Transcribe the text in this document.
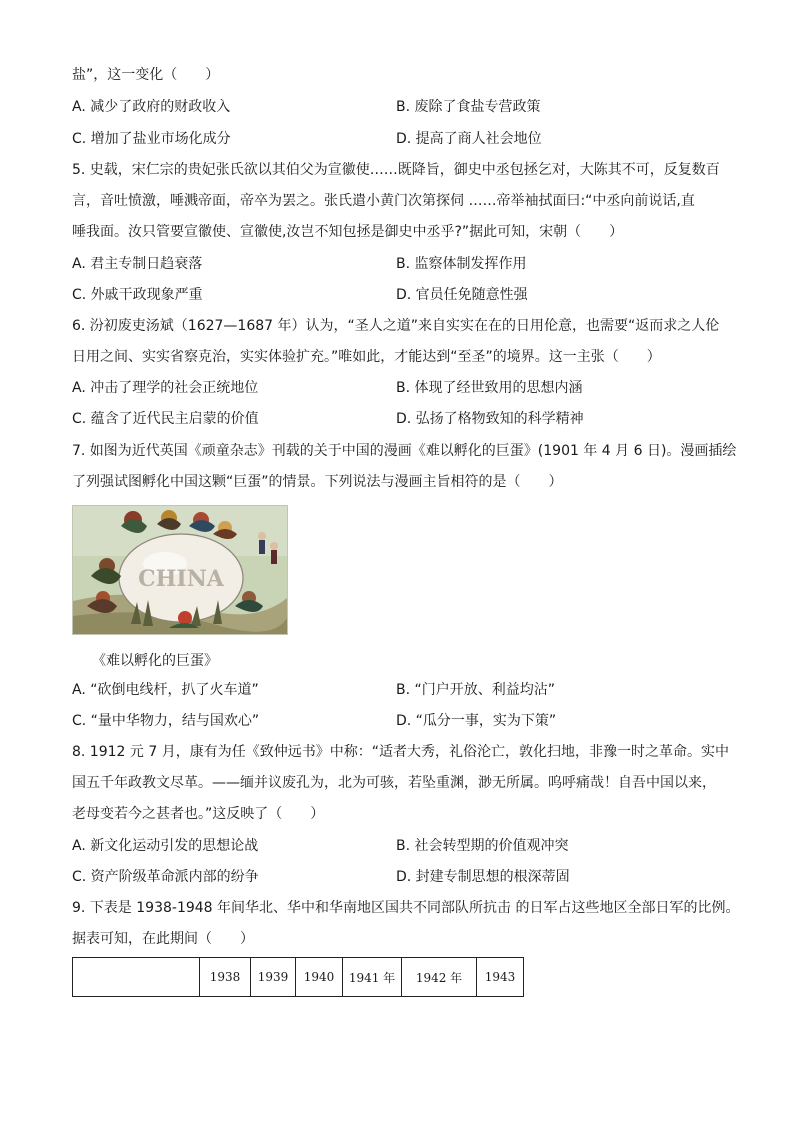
盐”，这一变化（　　）
A. 减少了政府的财政收入	B. 废除了食盐专营政策
C. 增加了盐业市场化成分	D. 提高了商人社会地位
5. 史载，宋仁宗的贵妃张氏欲以其伯父为宣徽使……既降旨，御史中丞包拯乞对，大陈其不可，反复数百
言，音吐愤激，唾溅帝面，帝卒为罢之。张氏遣小黄门次第探伺 ……帝举袖拭面曰:“中丞向前说话,直
唾我面。汝只管要宣徽使、宣徽使,汝岂不知包拯是御史中丞乎?”据此可知，宋朝（　　）
A. 君主专制日趋衰落	B. 监察体制发挥作用
C. 外戚干政现象严重	D. 官员任免随意性强
6. 汾初废吏汤斌（1627—1687 年）认为，“圣人之道”来自实实在在的日用伦意，也需要“返而求之人伦
日用之间、实实省察克治，实实体验扩充。”唯如此，才能达到“至圣”的境界。这一主张（　　）
A. 冲击了理学的社会正统地位	B. 体现了经世致用的思想内涵
C. 蕴含了近代民主启蒙的价值	D. 弘扬了格物致知的科学精神
7. 如图为近代英国《顽童杂志》刊载的关于中国的漫画《难以孵化的巨蛋》(1901 年 4 月 6 日)。漫画插绘
了列强试图孵化中国这颗“巨蛋”的情景。下列说法与漫画主旨相符的是（　　）
CHINA
《难以孵化的巨蛋》
A. “砍倒电线杆，扒了火车道”	B. “门户开放、利益均沾”
C. “量中华物力，结与国欢心”	D. “瓜分一事，实为下策”
8. 1912 元 7 月，康有为任《致仲远书》中称：“适者大秀，礼俗沦亡，敦化扫地，非豫一时之革命。实中
国五千年政教文尽革。——缅并议废孔为，北为可骇，若坠重渊，渺无所属。呜呼痛哉！自吾中国以来，
老母变若今之甚者也。”这反映了（　　）
A. 新文化运动引发的思想论战	B. 社会转型期的价值观冲突
C. 资产阶级革命派内部的纷争	D. 封建专制思想的根深蒂固
9. 下表是 1938-1948 年间华北、华中和华南地区国共不同部队所抗击 的日军占这些地区全部日军的比例。
据表可知，在此期间（　　）
	1938	1939	1940	1941 年	1942 年	1943
